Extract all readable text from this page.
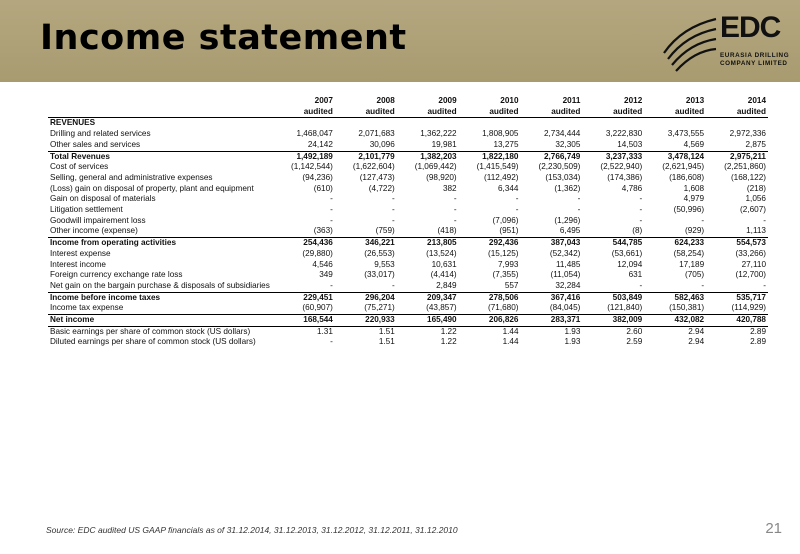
Income statement	EDC
EURASIA DRILLING
COMPANY LIMITED
	2007	2008	2009	2010	2011	2012	2013	2014
	audited	audited	audited	audited	audited	audited	audited	audited
REVENUES								
Drilling and related services	1,468,047	2,071,683	1,362,222	1,808,905	2,734,444	3,222,830	3,473,555	2,972,336
Other sales and services	24,142	30,096	19,981	13,275	32,305	14,503	4,569	2,875
Total Revenues	1,492,189	2,101,779	1,382,203	1,822,180	2,766,749	3,237,333	3,478,124	2,975,211
Cost of services	(1,142,544)	(1,622,604)	(1,069,442)	(1,415,549)	(2,230,509)	(2,522,940)	(2,621,945)	(2,251,860)
Selling, general and administrative expenses	(94,236)	(127,473)	(98,920)	(112,492)	(153,034)	(174,386)	(186,608)	(168,122)
(Loss) gain on disposal of property, plant and equipment	(610)	(4,722)	382	6,344	(1,362)	4,786	1,608	(218)
Gain on disposal of materials	-	-	-	-	-	-	4,979	1,056
Litigation settlement	-	-	-	-	-	-	(50,996)	(2,607)
Goodwill impairement loss	-	-	-	(7,096)	(1,296)	-	-	-
Other income (expense)	(363)	(759)	(418)	(951)	6,495	(8)	(929)	1,113
Income from operating activities	254,436	346,221	213,805	292,436	387,043	544,785	624,233	554,573
Interest expense	(29,880)	(26,553)	(13,524)	(15,125)	(52,342)	(53,661)	(58,254)	(33,266)
Interest income	4,546	9,553	10,631	7,993	11,485	12,094	17,189	27,110
Foreign currency exchange rate loss	349	(33,017)	(4,414)	(7,355)	(11,054)	631	(705)	(12,700)
Net gain on the bargain purchase & disposals of subsidiaries	-	-	2,849	557	32,284	-	-	-
Income before income taxes	229,451	296,204	209,347	278,506	367,416	503,849	582,463	535,717
Income tax expense	(60,907)	(75,271)	(43,857)	(71,680)	(84,045)	(121,840)	(150,381)	(114,929)
Net income	168,544	220,933	165,490	206,826	283,371	382,009	432,082	420,788
Basic earnings per share of common stock (US dollars)	1.31	1.51	1.22	1.44	1.93	2.60	2.94	2.89
Diluted earnings per share of common stock (US dollars)	-	1.51	1.22	1.44	1.93	2.59	2.94	2.89
Source: EDC audited US GAAP financials as of 31.12.2014, 31.12.2013, 31.12.2012, 31.12.2011, 31.12.2010	21
